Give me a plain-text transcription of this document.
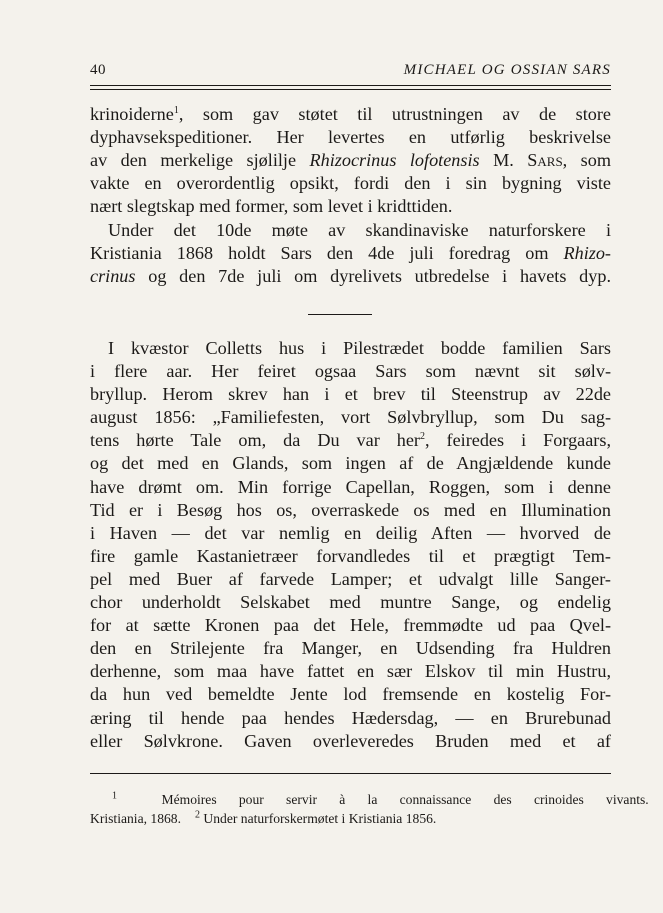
40	MICHAEL OG OSSIAN SARS
krinoiderne$^1$, som gav støtet til utrustningen av de store
dyphavsekspeditioner. Her levertes en utførlig beskrivelse
av den merkelige sjølilje Rhizocrinus lofotensis M. Sars, som
vakte en overordentlig opsikt, fordi den i sin bygning viste
nært slegtskap med former, som levet i kridttiden.
Under det 10de møte av skandinaviske naturforskere i
Kristiania 1868 holdt Sars den 4de juli foredrag om Rhizo-
crinus og den 7de juli om dyrelivets utbredelse i havets dyp.
I kvæstor Colletts hus i Pilestrædet bodde familien Sars
i flere aar. Her feiret ogsaa Sars som nævnt sit sølv-
bryllup. Herom skrev han i et brev til Steenstrup av 22de
august 1856: „Familiefesten, vort Sølvbryllup, som Du sag-
tens hørte Tale om, da Du var her$^2$, feiredes i Forgaars,
og det med en Glands, som ingen af de Angjældende kunde
have drømt om. Min forrige Capellan, Roggen, som i denne
Tid er i Besøg hos os, overraskede os med en Illumination
i Haven — det var nemlig en deilig Aften — hvorved de
fire gamle Kastanietræer forvandledes til et prægtigt Tem-
pel med Buer af farvede Lamper; et udvalgt lille Sanger-
chor underholdt Selskabet med muntre Sange, og endelig
for at sætte Kronen paa det Hele, fremmødte ud paa Qvel-
den en Strilejente fra Manger, en Udsending fra Huldren
derhenne, som maa have fattet en sær Elskov til min Hustru,
da hun ved bemeldte Jente lod fremsende en kostelig For-
æring til hende paa hendes Hædersdag, — en Brurebunad
eller Sølvkrone. Gaven overleveredes Bruden med et af
$^1$	Mémoires pour servir à la connaissance des crinoides vivants.
Kristiania, 1868. $^2$ Under naturforskermøtet i Kristiania 1856.
